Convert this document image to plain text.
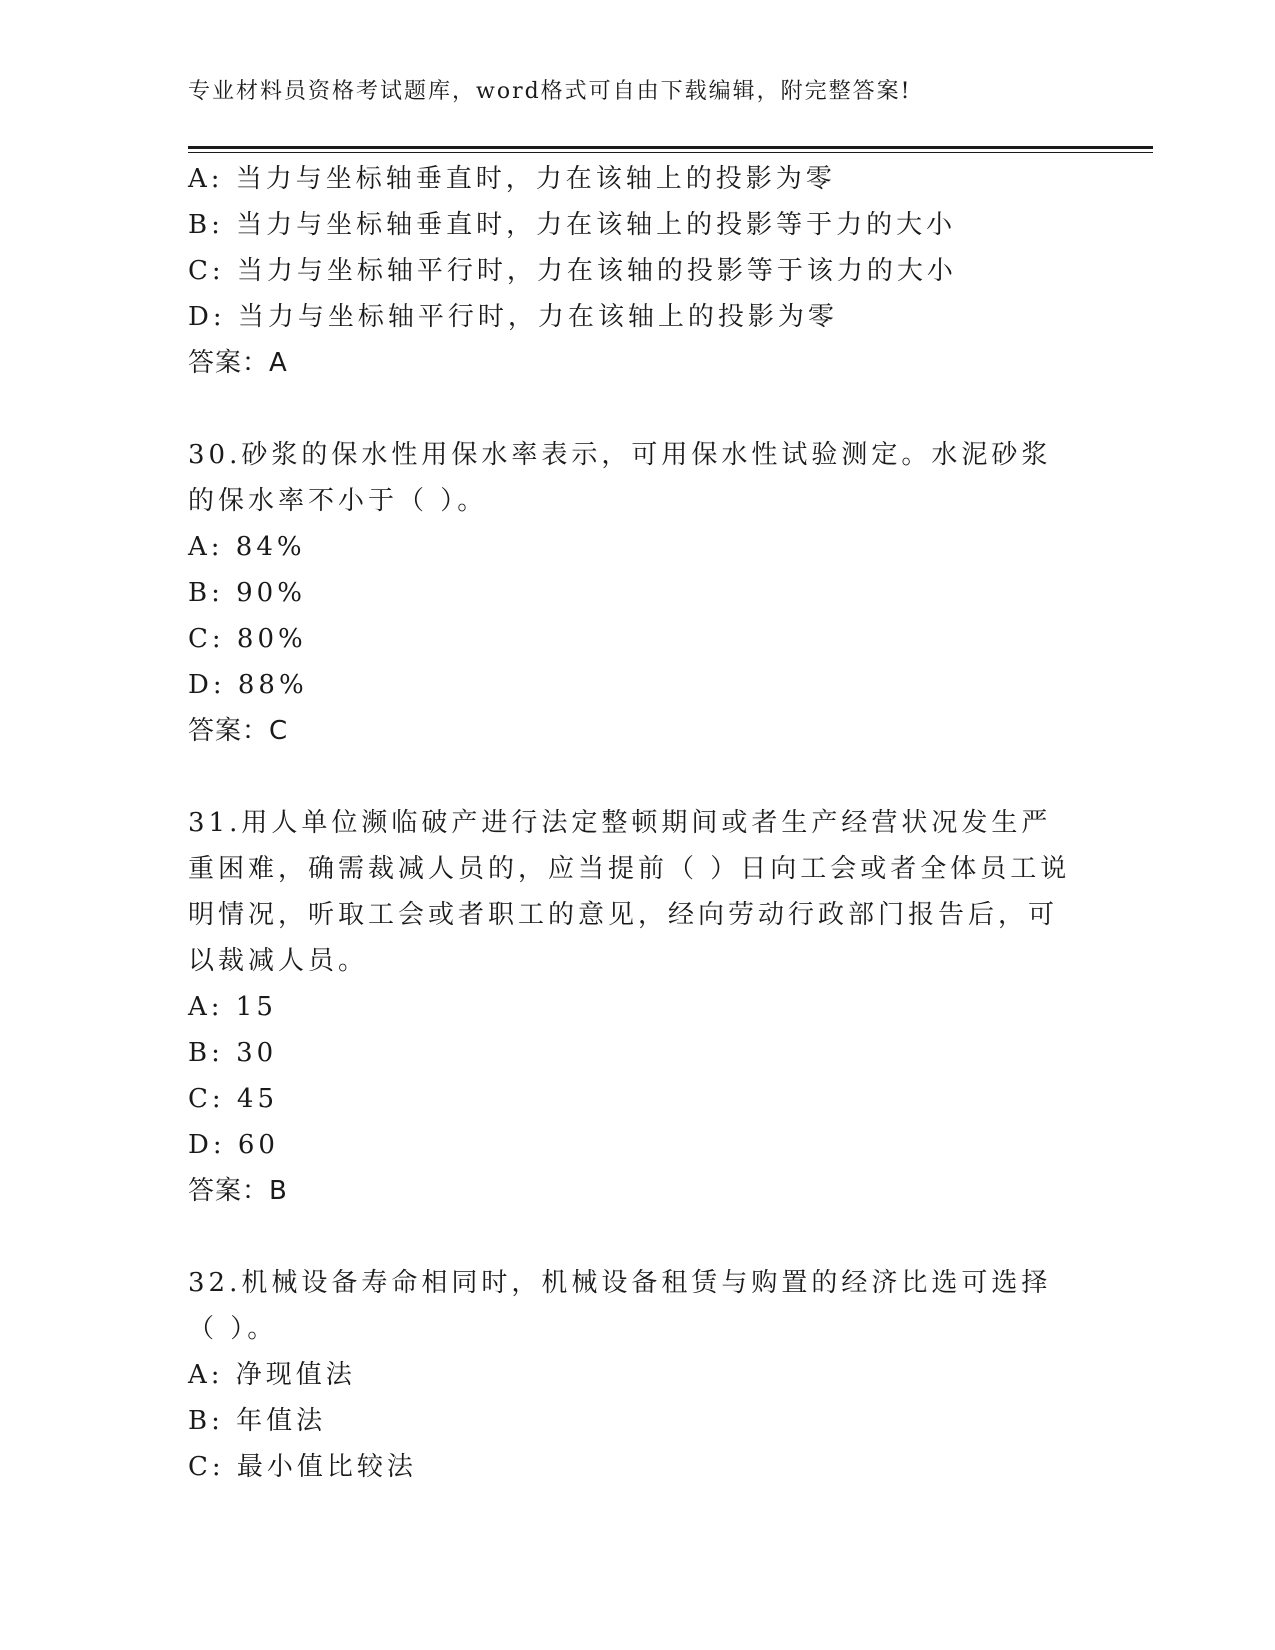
专业材料员资格考试题库，word格式可自由下载编辑，附完整答案!
A: 当力与坐标轴垂直时，力在该轴上的投影为零
B: 当力与坐标轴垂直时，力在该轴上的投影等于力的大小
C: 当力与坐标轴平行时，力在该轴的投影等于该力的大小
D: 当力与坐标轴平行时，力在该轴上的投影为零
答案：A
30.砂浆的保水性用保水率表示，可用保水性试验测定。水泥砂浆的保水率不小于（ ）。
A: 84%
B: 90%
C: 80%
D: 88%
答案：C
31.用人单位濒临破产进行法定整顿期间或者生产经营状况发生严重困难，确需裁减人员的，应当提前（ ）日向工会或者全体员工说明情况，听取工会或者职工的意见，经向劳动行政部门报告后，可以裁减人员。
A: 15
B: 30
C: 45
D: 60
答案：B
32.机械设备寿命相同时，机械设备租赁与购置的经济比选可选择（ ）。
A: 净现值法
B: 年值法
C: 最小值比较法
